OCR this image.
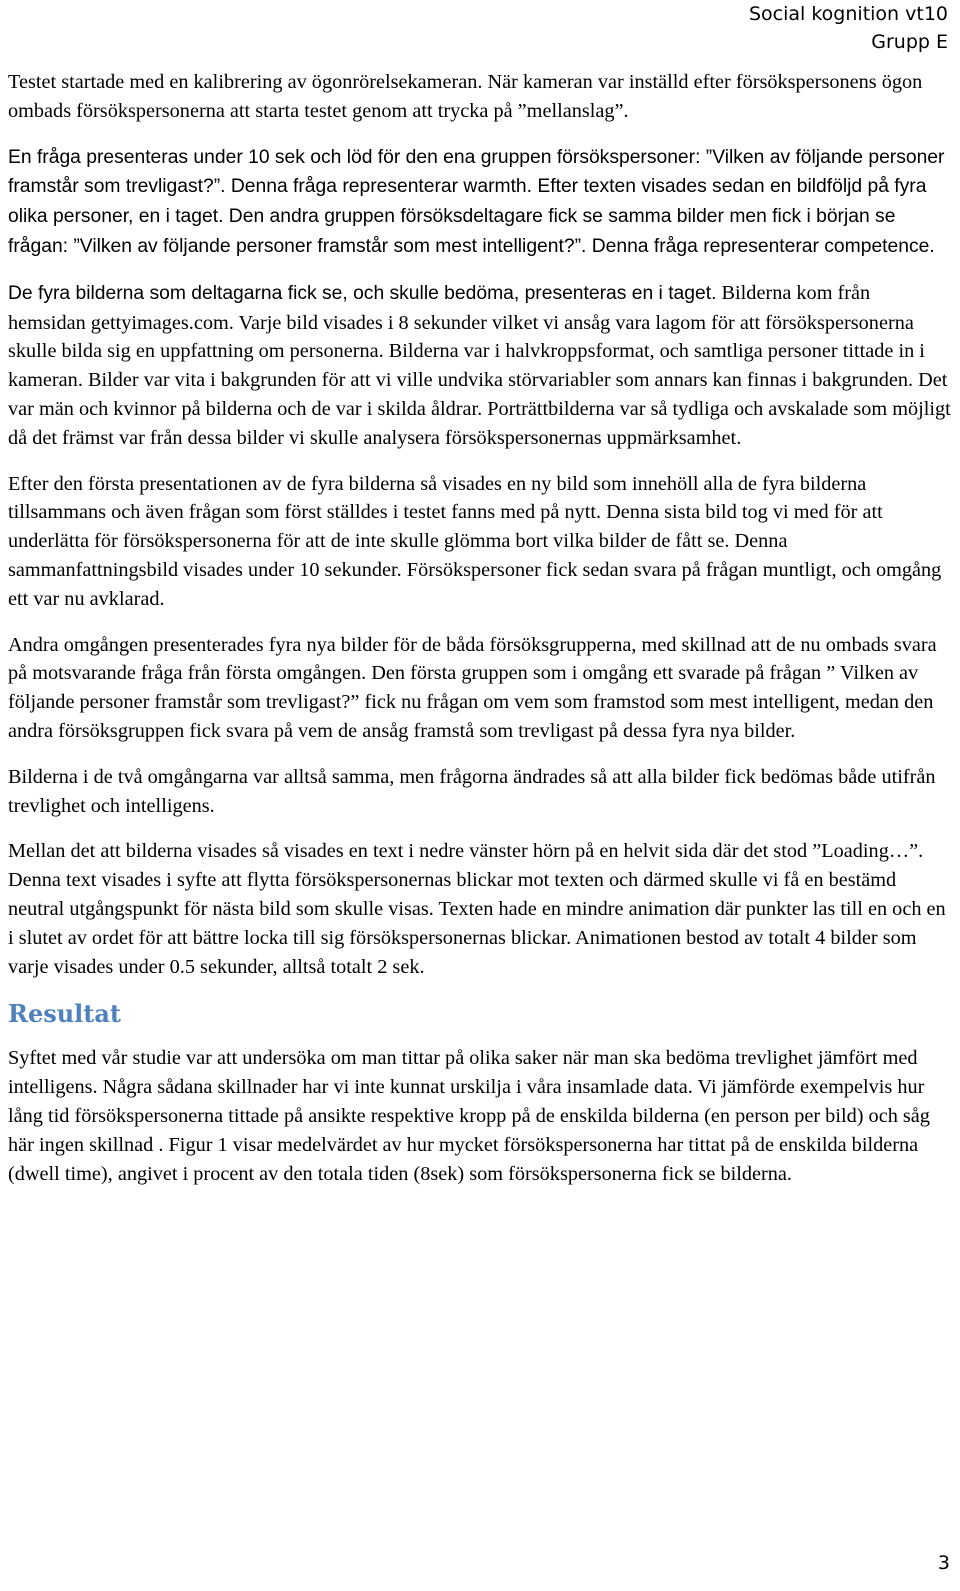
Social kognition vt10
Grupp E

Testet startade med en kalibrering av ögonrörelsekameran. När kameran var inställd efter försökspersonens ögon ombads försökspersonerna att starta testet genom att trycka på ”mellanslag”.

En fråga presenteras under 10 sek och löd för den ena gruppen försökspersoner: ”Vilken av följande personer framstår som trevligast?”. Denna fråga representerar warmth. Efter texten visades sedan en bildföljd på fyra olika personer, en i taget. Den andra gruppen försöksdeltagare fick se samma bilder men fick i början se frågan: ”Vilken av följande personer framstår som mest intelligent?”. Denna fråga representerar competence.

De fyra bilderna som deltagarna fick se, och skulle bedöma, presenteras en i taget. Bilderna kom från hemsidan gettyimages.com. Varje bild visades i 8 sekunder vilket vi ansåg vara lagom för att försökspersonerna skulle bilda sig en uppfattning om personerna. Bilderna var i halvkroppsformat, och samtliga personer tittade in i kameran. Bilder var vita i bakgrunden för att vi ville undvika störvariabler som annars kan finnas i bakgrunden. Det var män och kvinnor på bilderna och de var i skilda åldrar. Porträttbilderna var så tydliga och avskalade som möjligt då det främst var från dessa bilder vi skulle analysera försökspersonernas uppmärksamhet.

Efter den första presentationen av de fyra bilderna så visades en ny bild som innehöll alla de fyra bilderna tillsammans och även frågan som först ställdes i testet fanns med på nytt. Denna sista bild tog vi med för att underlätta för försökspersonerna för att de inte skulle glömma bort vilka bilder de fått se. Denna sammanfattningsbild visades under 10 sekunder. Försökspersoner fick sedan svara på frågan muntligt, och omgång ett var nu avklarad.

Andra omgången presenterades fyra nya bilder för de båda försöksgrupperna, med skillnad att de nu ombads svara på motsvarande fråga från första omgången. Den första gruppen som i omgång ett svarade på frågan ” Vilken av följande personer framstår som trevligast?” fick nu frågan om vem som framstod som mest intelligent, medan den andra försöksgruppen fick svara på vem de ansåg framstå som trevligast på dessa fyra nya bilder.

Bilderna i de två omgångarna var alltså samma, men frågorna ändrades så att alla bilder fick bedömas både utifrån trevlighet och intelligens.

Mellan det att bilderna visades så visades en text i nedre vänster hörn på en helvit sida där det stod ”Loading…”. Denna text visades i syfte att flytta försökspersonernas blickar mot texten och därmed skulle vi få en bestämd neutral utgångspunkt för nästa bild som skulle visas. Texten hade en mindre animation där punkter las till en och en i slutet av ordet för att bättre locka till sig försökspersonernas blickar. Animationen bestod av totalt 4 bilder som varje visades under 0.5 sekunder, alltså totalt 2 sek.

Resultat

Syftet med vår studie var att undersöka om man tittar på olika saker när man ska bedöma trevlighet jämfört med intelligens. Några sådana skillnader har vi inte kunnat urskilja i våra insamlade data. Vi jämförde exempelvis hur lång tid försökspersonerna tittade på ansikte respektive kropp på de enskilda bilderna (en person per bild) och såg här ingen skillnad . Figur 1 visar medelvärdet av hur mycket försökspersonerna har tittat på de enskilda bilderna (dwell time), angivet i procent av den totala tiden (8sek) som försökspersonerna fick se bilderna.

3
